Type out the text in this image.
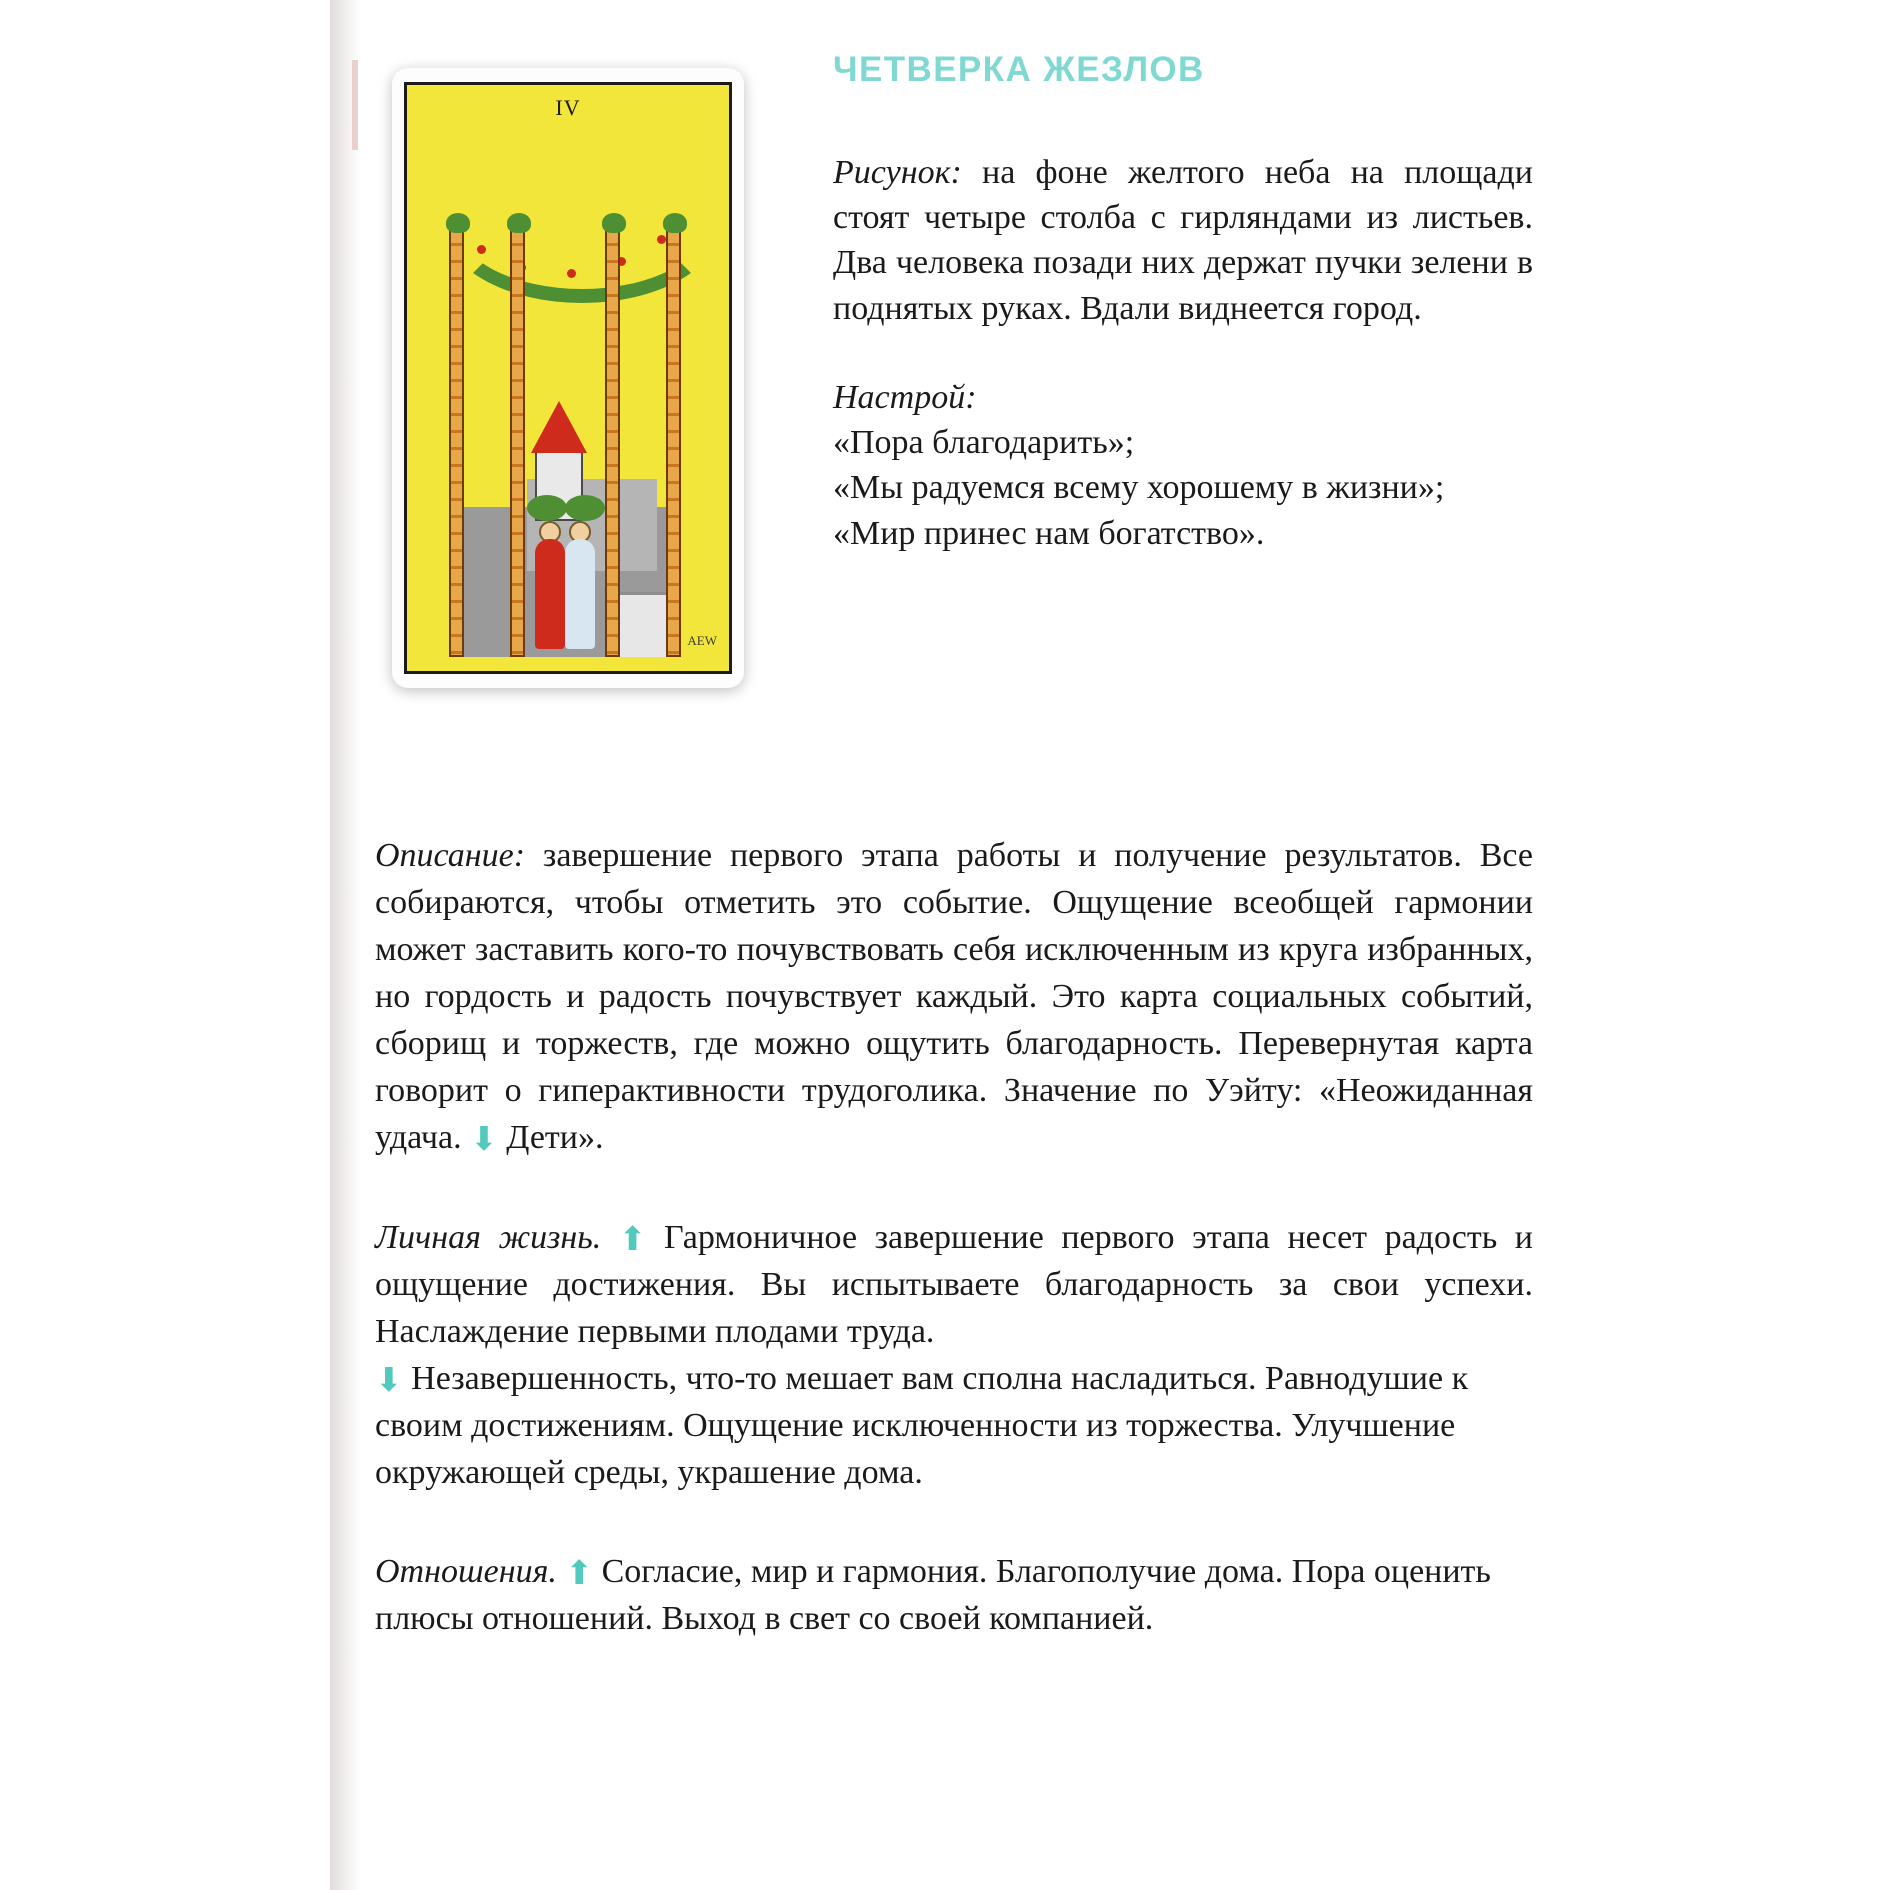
ЧЕТВЕРКА ЖЕЗЛОВ
IV
AEW

Рисунок: на фоне желтого неба на площади стоят четыре столба с гирляндами из листьев. Два человека позади них держат пучки зелени в поднятых руках. Вдали виднеется город.

Настрой:

«Пора благодарить»;

«Мы радуемся всему хорошему в жизни»;

«Мир принес нам богатство».

Описание: завершение первого этапа работы и получение результатов. Все собираются, чтобы отметить это событие. Ощущение всеобщей гармонии может заставить кого-то почувствовать себя исключенным из круга избранных, но гордость и радость почувствует каждый. Это карта социальных событий, сборищ и торжеств, где можно ощутить благодарность. Перевернутая карта говорит о гиперактивности трудоголика. Значение по Уэйту: «Неожиданная удача. ⬇ Дети».

Личная жизнь. ⬆ Гармоничное завершение первого этапа несет радость и ощущение достижения. Вы испытываете благодарность за свои успехи. Наслаждение первыми плодами труда.

⬇ Незавершенность, что-то мешает вам сполна насладиться. Равнодушие к своим достижениям. Ощущение исключенности из торжества. Улучшение окружающей среды, украшение дома.

Отношения. ⬆ Согласие, мир и гармония. Благополучие дома. Пора оценить плюсы отношений. Выход в свет со своей компанией.
